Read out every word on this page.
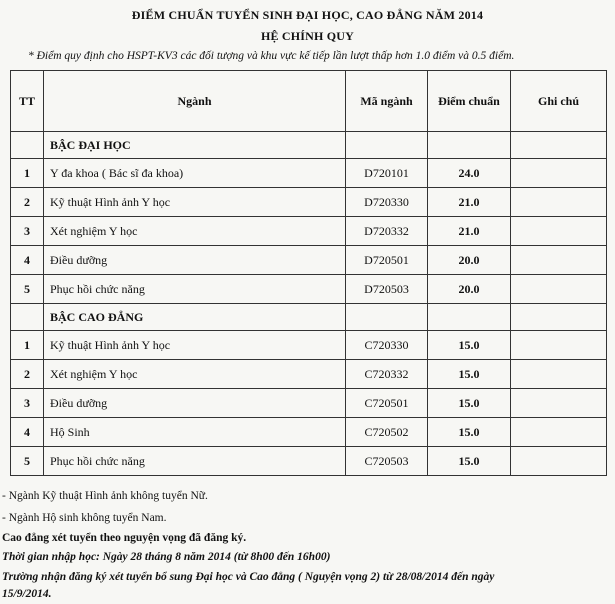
ĐIỂM CHUẨN TUYỂN SINH ĐẠI HỌC, CAO ĐẲNG NĂM 2014
HỆ CHÍNH QUY
* Điểm quy định cho HSPT-KV3 các đối tượng và khu vực kế tiếp lần lượt thấp hơn 1.0 điểm và 0.5 điểm.
TT	Ngành	Mã ngành	Điểm chuẩn	Ghi chú
	BẬC ĐẠI HỌC			
1	Y đa khoa ( Bác sĩ đa khoa)	D720101	24.0	
2	Kỹ thuật Hình ảnh Y học	D720330	21.0	
3	Xét nghiệm Y học	D720332	21.0	
4	Điều dưỡng	D720501	20.0	
5	Phục hồi chức năng	D720503	20.0	
	BẬC CAO ĐẲNG			
1	Kỹ thuật Hình ảnh Y học	C720330	15.0	
2	Xét nghiệm Y học	C720332	15.0	
3	Điều dưỡng	C720501	15.0	
4	Hộ Sinh	C720502	15.0	
5	Phục hồi chức năng	C720503	15.0	
- Ngành Kỹ thuật Hình ảnh không tuyển Nữ.
- Ngành Hộ sinh không tuyển Nam.
Cao đẳng xét tuyển theo nguyện vọng đã đăng ký.
Thời gian nhập học: Ngày 28 tháng 8 năm 2014 (từ 8h00 đến 16h00)
Trường nhận đăng ký xét tuyển bổ sung Đại học và Cao đẳng ( Nguyện vọng 2) từ 28/08/2014 đến ngày
15/9/2014.
